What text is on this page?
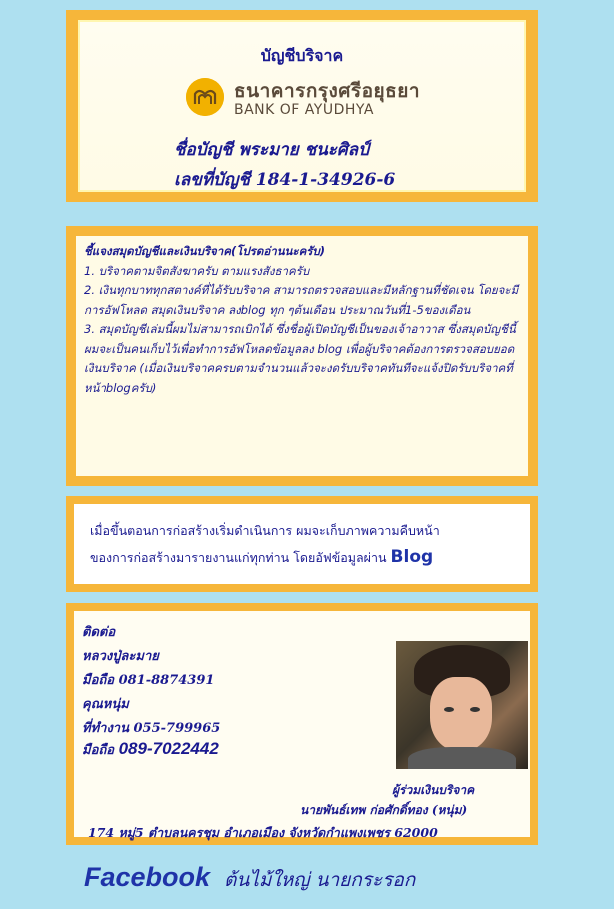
บัญชีบริจาค
ธนาคารกรุงศรีอยุธยา
BANK OF AYUDHYA
ชื่อบัญชี พระมาย ชนะศิลป์
เลขที่บัญชี 184-1-34926-6
ชี้แจงสมุดบัญชีและเงินบริจาค(โปรดอ่านนะครับ)
1. บริจาคตามจิตสังฆาครับ ตามแรงสังธาครับ
2. เงินทุกบาททุกสตางค์ที่ได้รับบริจาค สามารถตรวจสอบและมีหลักฐานที่ชัดเจน โดยจะมีการอัฟโหลด สมุดเงินบริจาค ลงblog ทุก ๆต้นเดือน ประมาณวันที่1-5ของเดือน
3. สมุดบัญชีเล่มนี้ผมไม่สามารถเบิกได้ ซึ่งชื่อผู้เปิดบัญชีเป็นของเจ้าอาวาส ซึ่งสมุดบัญชีนี้ผมจะเป็นคนเก็บไว้เพื่อทำการอัฟโหลดข้อมูลลง blog เพื่อผู้บริจาคต้องการตรวจสอบยอดเงินบริจาค (เมื่อเงินบริจาคครบตามจำนวนแล้วจะงดรับบริจาคทันทีจะแจ้งปิดรับบริจาคที่หน้าblogครับ)
เมื่อขึ้นตอนการก่อสร้างเริ่มดำเนินการ ผมจะเก็บภาพความคืบหน้า
ของการก่อสร้างมารายงานแก่ทุกท่าน โดยอัฟข้อมูลผ่าน Blog
ติดต่อ
หลวงปู่ละมาย
มือถือ 081-8874391
คุณหนุ่ม
ที่ทำงาน 055-799965
มือถือ 089-7022442
ผู้ร่วมเงินบริจาค
นายพันธ์เทพ ก่อศักดิ์ทอง (หนุ่ม)
174 หมู่5 ตำบลนครชุม อำเภอเมือง จังหวัดกำแพงเพชร 62000
Facebook ต้นไม้ใหญ่ นายกระรอก
